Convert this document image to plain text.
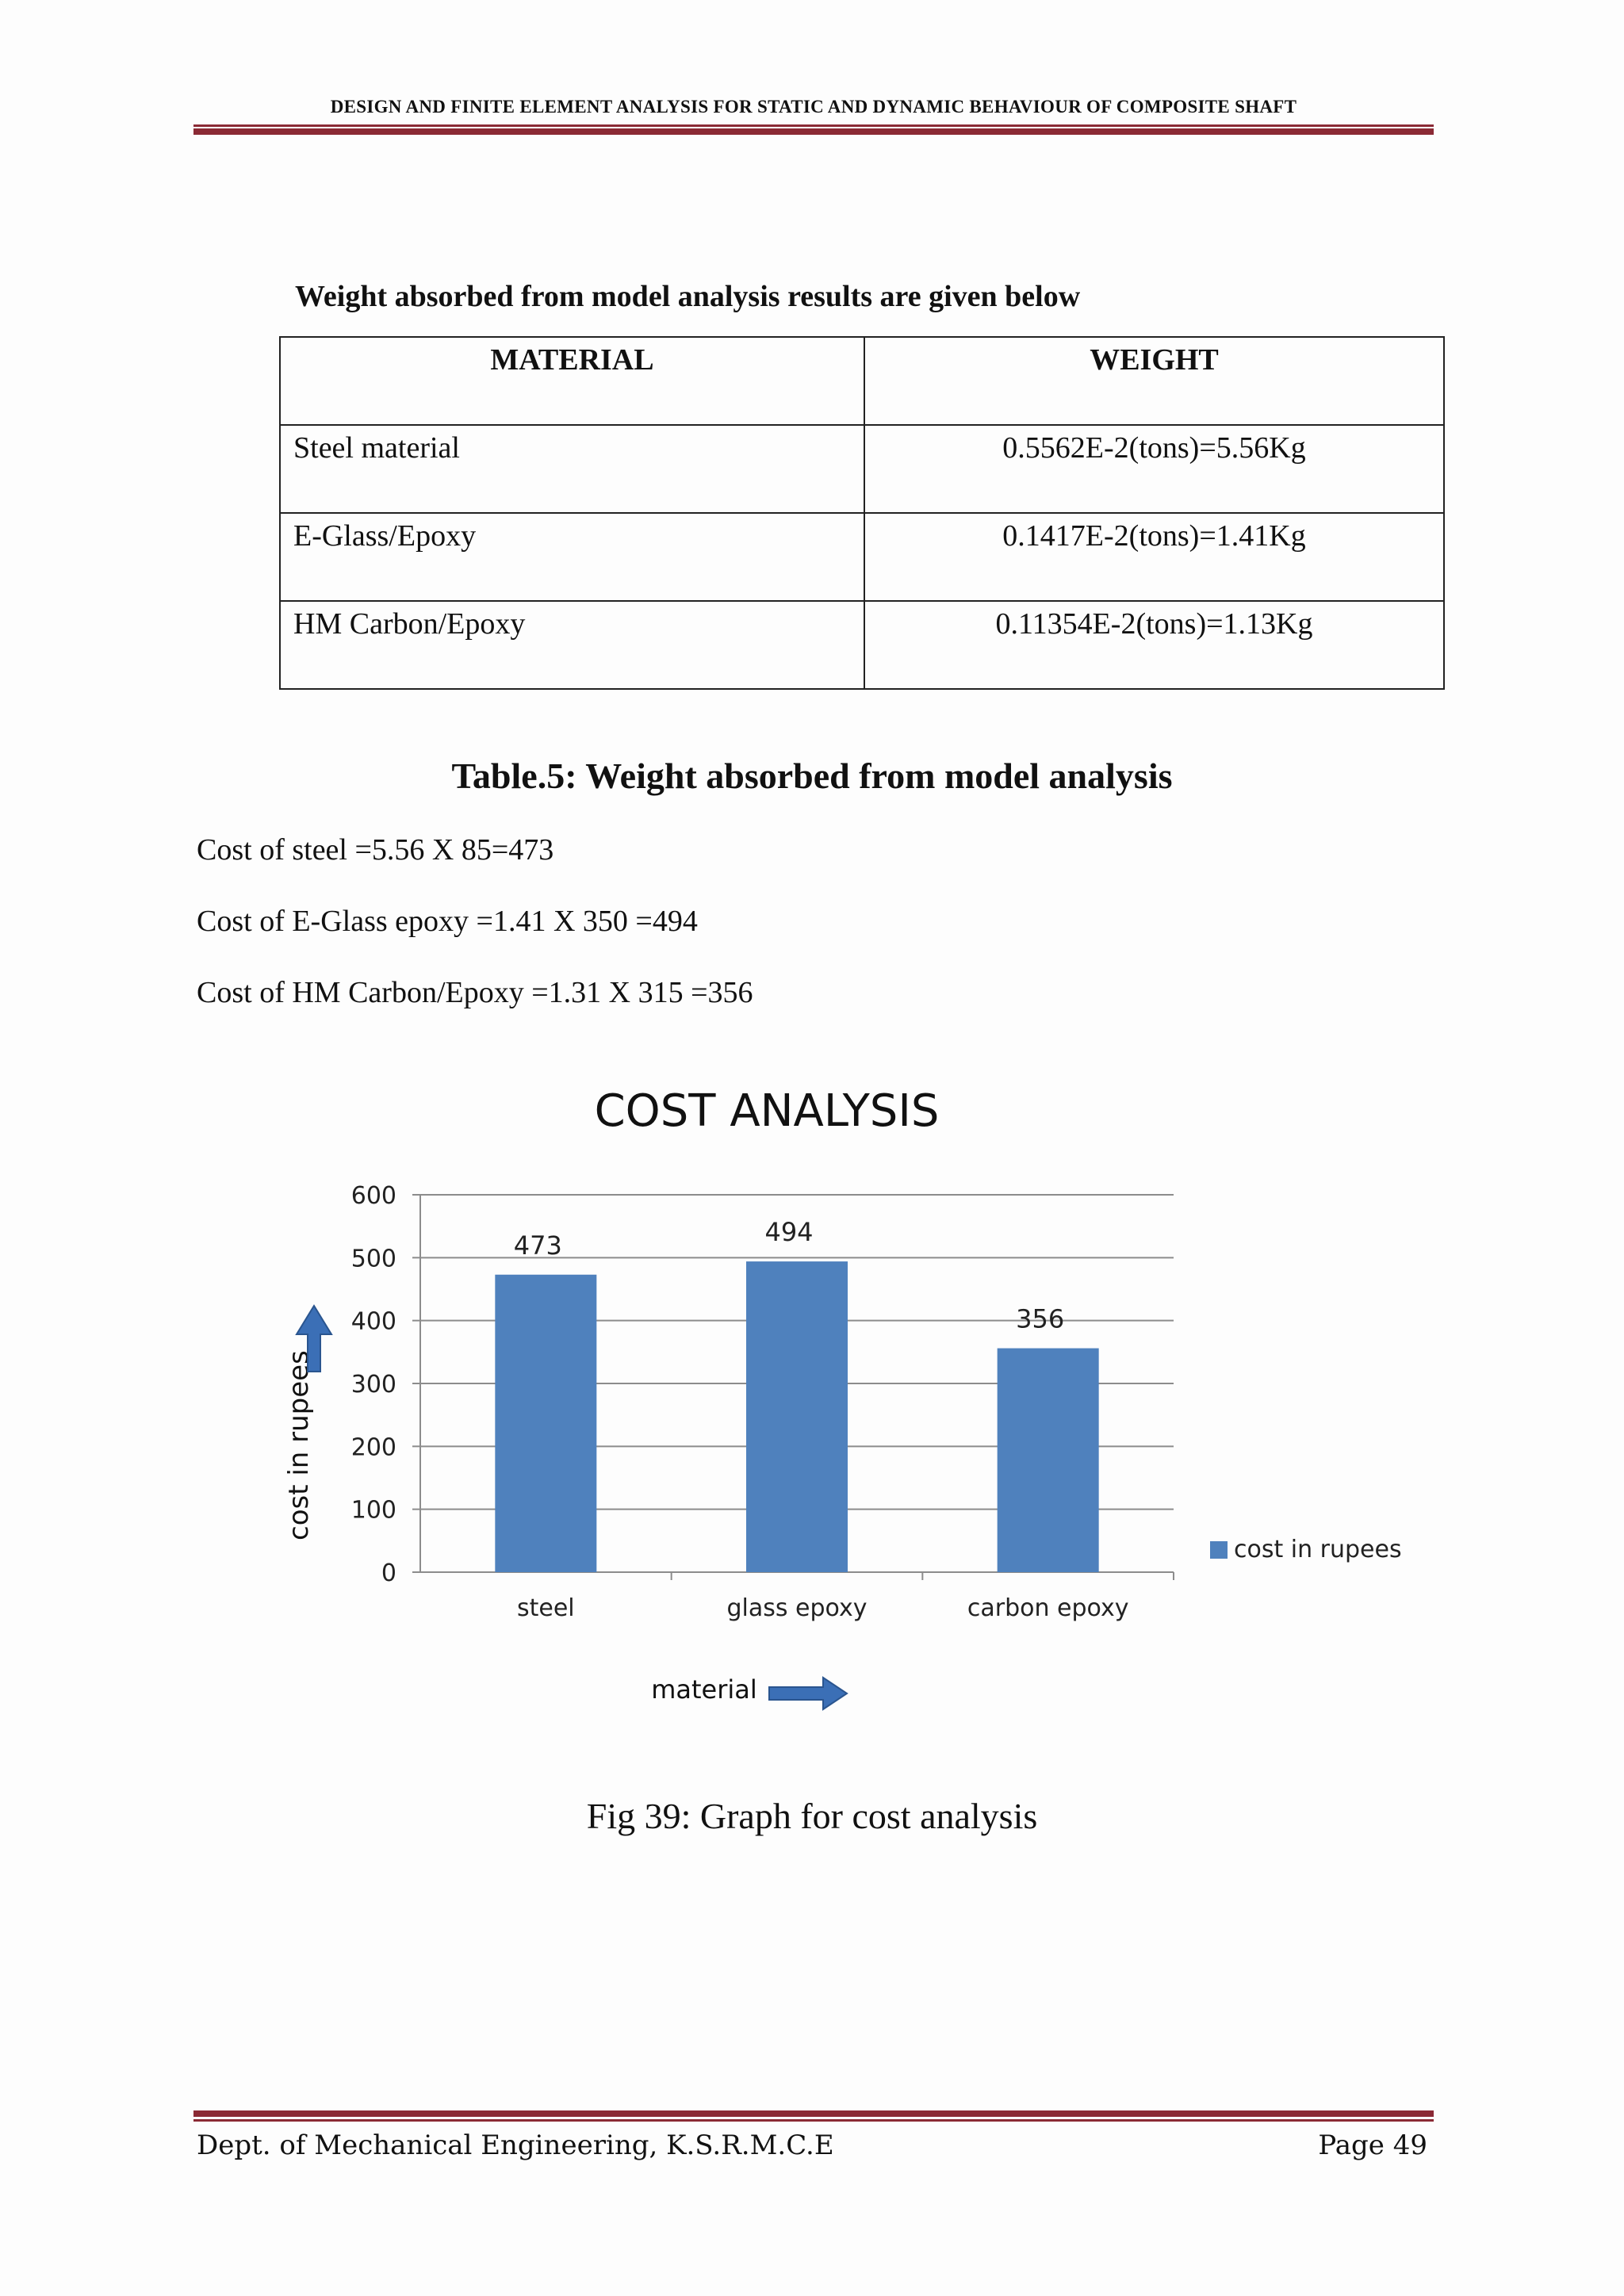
DESIGN AND FINITE ELEMENT ANALYSIS FOR STATIC AND DYNAMIC BEHAVIOUR OF COMPOSITE SHAFT
Weight absorbed from model analysis results are given below
MATERIAL	WEIGHT
Steel material	0.5562E-2(tons)=5.56Kg
E-Glass/Epoxy	0.1417E-2(tons)=1.41Kg
HM Carbon/Epoxy	0.11354E-2(tons)=1.13Kg
Table.5: Weight absorbed from model analysis
Cost of steel =5.56 X 85=473
Cost of E-Glass epoxy =1.41 X 350 =494
Cost of HM Carbon/Epoxy =1.31 X 315 =356
COST ANALYSIS
0
100
200
300
400
500
600
473
steel
494
glass epoxy
356
carbon epoxy
cost in rupees
material
cost in rupees
Fig 39: Graph for cost analysis
Dept. of Mechanical Engineering, K.S.R.M.C.E	Page 49
